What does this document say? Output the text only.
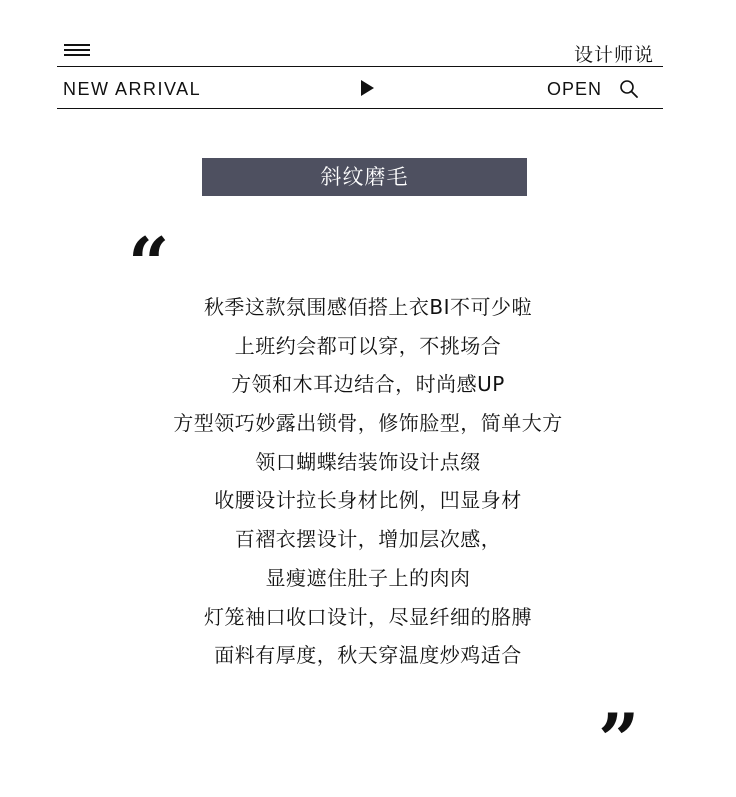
设计师说
NEW ARRIVAL	OPEN
斜纹磨毛
“
秋季这款氛围感佰搭上衣BI不可少啦
上班约会都可以穿，不挑场合
方领和木耳边结合，时尚感UP
方型领巧妙露出锁骨，修饰脸型，简单大方
领口蝴蝶结装饰设计点缀
收腰设计拉长身材比例，凹显身材
百褶衣摆设计，增加层次感，
显瘦遮住肚子上的肉肉
灯笼袖口收口设计，尽显纤细的胳膊
面料有厚度，秋天穿温度炒鸡适合
”
